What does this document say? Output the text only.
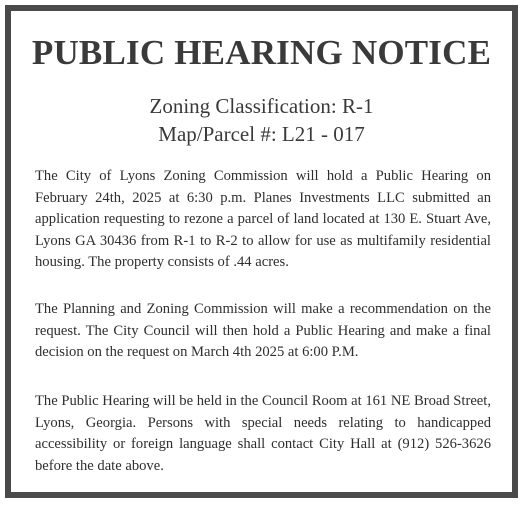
PUBLIC HEARING NOTICE
Zoning Classification: R-1
Map/Parcel #: L21 - 017
The City of Lyons Zoning Commission will hold a Public Hearing on February 24th, 2025 at 6:30 p.m. Planes Investments LLC submitted an application requesting to rezone a parcel of land located at 130 E. Stuart Ave, Lyons GA 30436 from R-1 to R-2 to allow for use as multifamily residential housing. The property consists of .44 acres.
The Planning and Zoning Commission will make a recommendation on the request. The City Council will then hold a Public Hearing and make a final decision on the request on March 4th 2025 at 6:00 P.M.
The Public Hearing will be held in the Council Room at 161 NE Broad Street, Lyons, Georgia. Persons with special needs relating to handicapped accessibility or foreign language shall contact City Hall at (912) 526-3626 before the date above.
